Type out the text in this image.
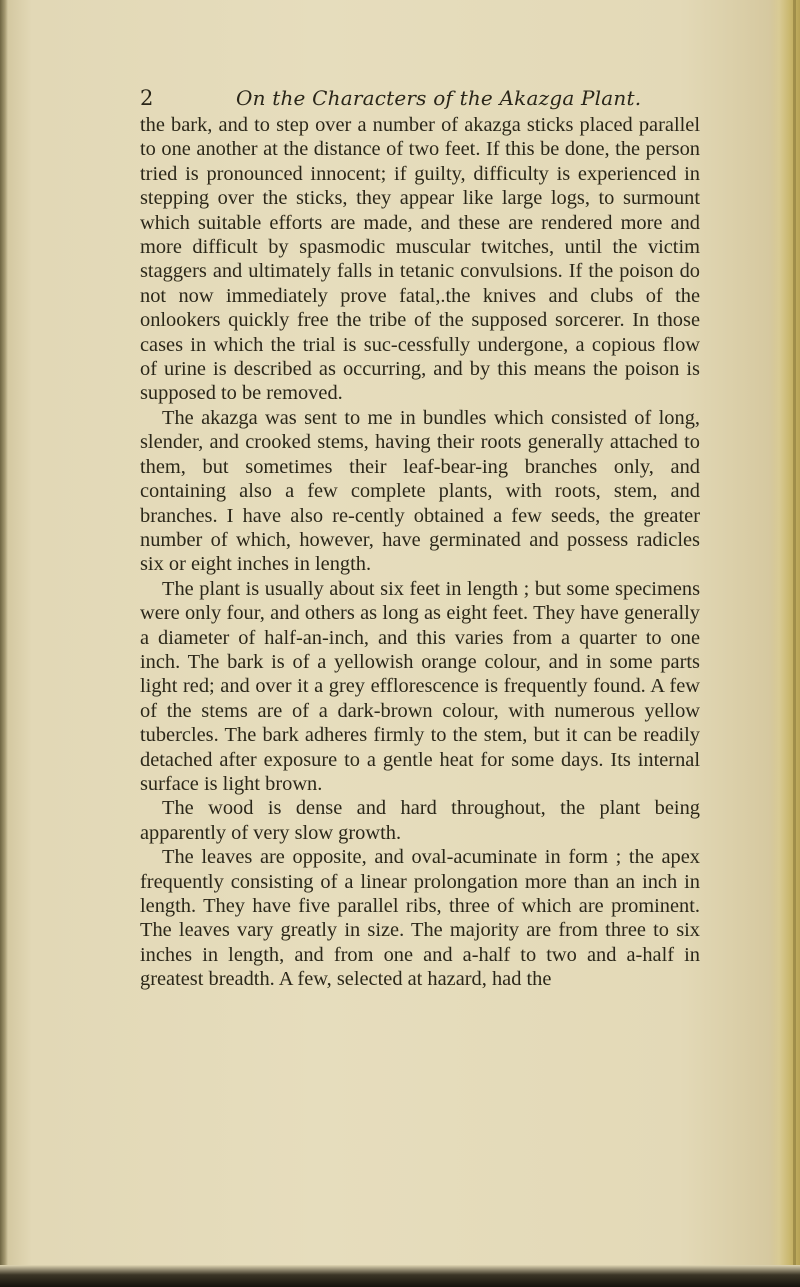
2	On the Characters of the Akazga Plant.

the bark, and to step over a number of akazga sticks placed parallel to one another at the distance of two feet. If this be done, the person tried is pronounced innocent; if guilty, difficulty is experienced in stepping over the sticks, they appear like large logs, to surmount which suitable efforts are made, and these are rendered more and more difficult by spasmodic muscular twitches, until the victim staggers and ultimately falls in tetanic convulsions. If the poison do not now immediately prove fatal,.the knives and clubs of the onlookers quickly free the tribe of the supposed sorcerer. In those cases in which the trial is suc-cessfully undergone, a copious flow of urine is described as occurring, and by this means the poison is supposed to be removed.

The akazga was sent to me in bundles which consisted of long, slender, and crooked stems, having their roots generally attached to them, but sometimes their leaf-bear-ing branches only, and containing also a few complete plants, with roots, stem, and branches. I have also re-cently obtained a few seeds, the greater number of which, however, have germinated and possess radicles six or eight inches in length.

The plant is usually about six feet in length ; but some specimens were only four, and others as long as eight feet. They have generally a diameter of half-an-inch, and this varies from a quarter to one inch. The bark is of a yellowish orange colour, and in some parts light red; and over it a grey efflorescence is frequently found. A few of the stems are of a dark-brown colour, with numerous yellow tubercles. The bark adheres firmly to the stem, but it can be readily detached after exposure to a gentle heat for some days. Its internal surface is light brown.

The wood is dense and hard throughout, the plant being apparently of very slow growth.

The leaves are opposite, and oval-acuminate in form ; the apex frequently consisting of a linear prolongation more than an inch in length. They have five parallel ribs, three of which are prominent. The leaves vary greatly in size. The majority are from three to six inches in length, and from one and a-half to two and a-half in greatest breadth. A few, selected at hazard, had the
